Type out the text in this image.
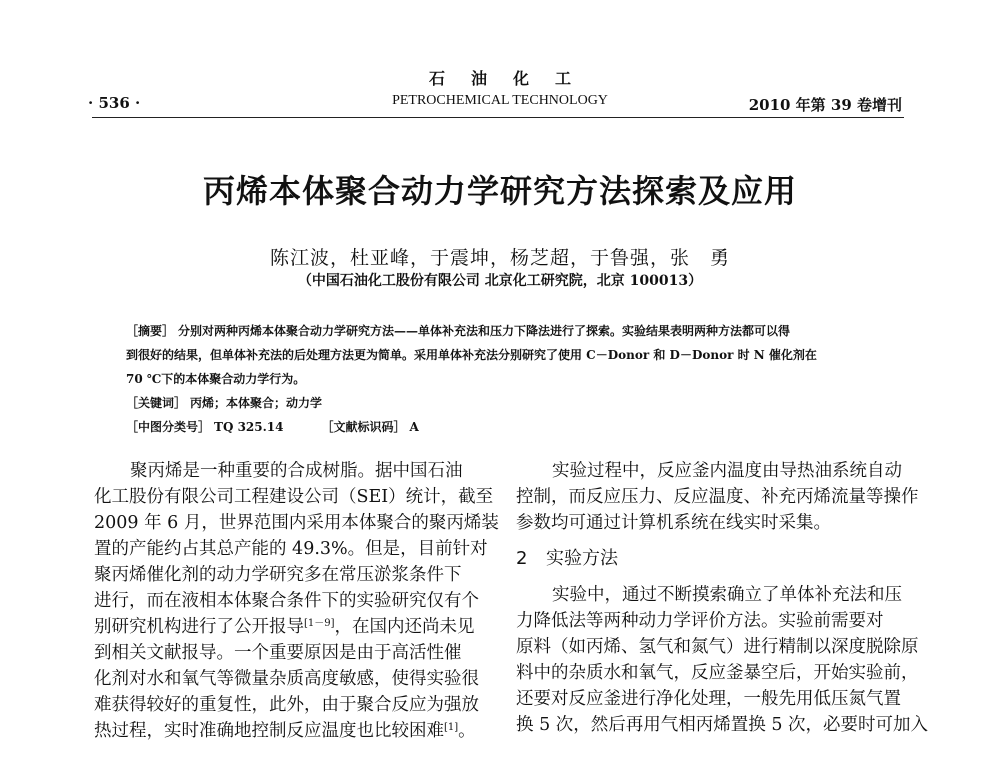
石油化工
· 536 ·	PETROCHEMICAL TECHNOLOGY	2010 年第 39 卷增刊
丙烯本体聚合动力学研究方法探索及应用
陈江波，杜亚峰，于震坤，杨芝超，于鲁强，张　勇
（中国石油化工股份有限公司 北京化工研究院，北京 100013）
［摘要］ 分别对两种丙烯本体聚合动力学研究方法——单体补充法和压力下降法进行了探索。实验结果表明两种方法都可以得
到很好的结果，但单体补充法的后处理方法更为简单。采用单体补充法分别研究了使用 C－Donor 和 D－Donor 时 N 催化剂在
70 ℃下的本体聚合动力学行为。
［关键词］ 丙烯；本体聚合；动力学
［中图分类号］ TQ 325.14	［文献标识码］ A
聚丙烯是一种重要的合成树脂。据中国石油
化工股份有限公司工程建设公司（SEI）统计，截至
2009 年 6 月，世界范围内采用本体聚合的聚丙烯装
置的产能约占其总产能的 49.3%。但是，目前针对
聚丙烯催化剂的动力学研究多在常压淤浆条件下
进行，而在液相本体聚合条件下的实验研究仅有个
别研究机构进行了公开报导[1－9]，在国内还尚未见
到相关文献报导。一个重要原因是由于高活性催
化剂对水和氧气等微量杂质高度敏感，使得实验很
难获得较好的重复性，此外，由于聚合反应为强放
热过程，实时准确地控制反应温度也比较困难[1]。
实验过程中，反应釜内温度由导热油系统自动
控制，而反应压力、反应温度、补充丙烯流量等操作
参数均可通过计算机系统在线实时采集。
2 实验方法
实验中，通过不断摸索确立了单体补充法和压
力降低法等两种动力学评价方法。实验前需要对
原料（如丙烯、氢气和氮气）进行精制以深度脱除原
料中的杂质水和氧气，反应釜暴空后，开始实验前，
还要对反应釜进行净化处理，一般先用低压氮气置
换 5 次，然后再用气相丙烯置换 5 次，必要时可加入
